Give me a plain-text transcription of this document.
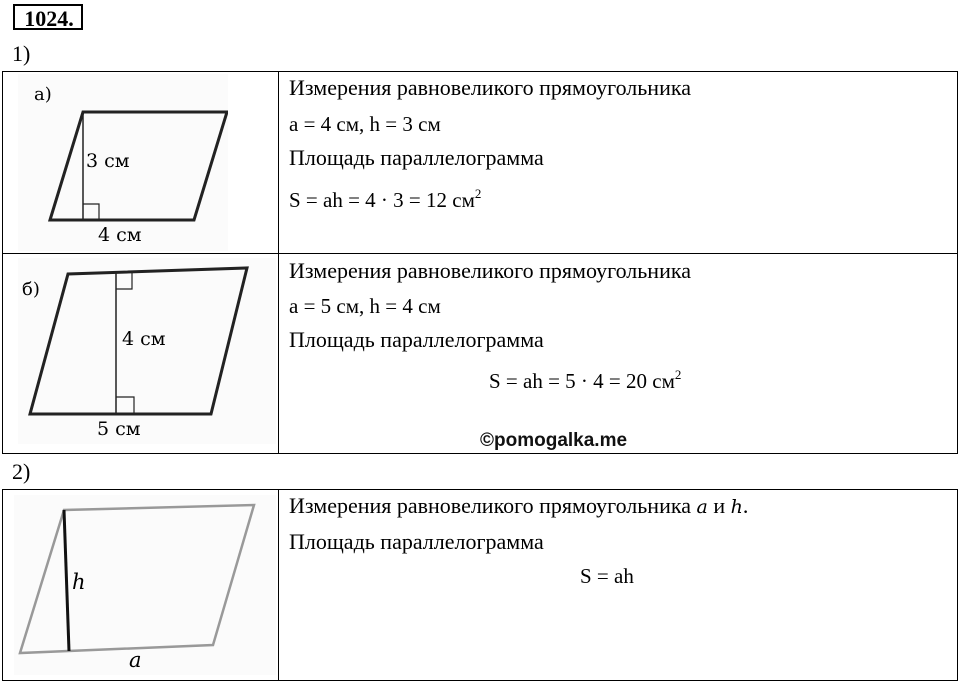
1024.
1)
а)
3 см
4 см
Измерения равновеликого прямоугольника
a = 4 см, h = 3 см
Площадь параллелограмма
S = ah = 4 · 3 = 12 $см^2$
б)
4 см
5 см
Измерения равновеликого прямоугольника
a = 5 см, h = 4 см
Площадь параллелограмма
S = ah = 5 · 4 = 20 $см^2$
©pomogalka.me
2)
h
a
Измерения равновеликого прямоугольника a и h.
Площадь параллелограмма
S = ah
